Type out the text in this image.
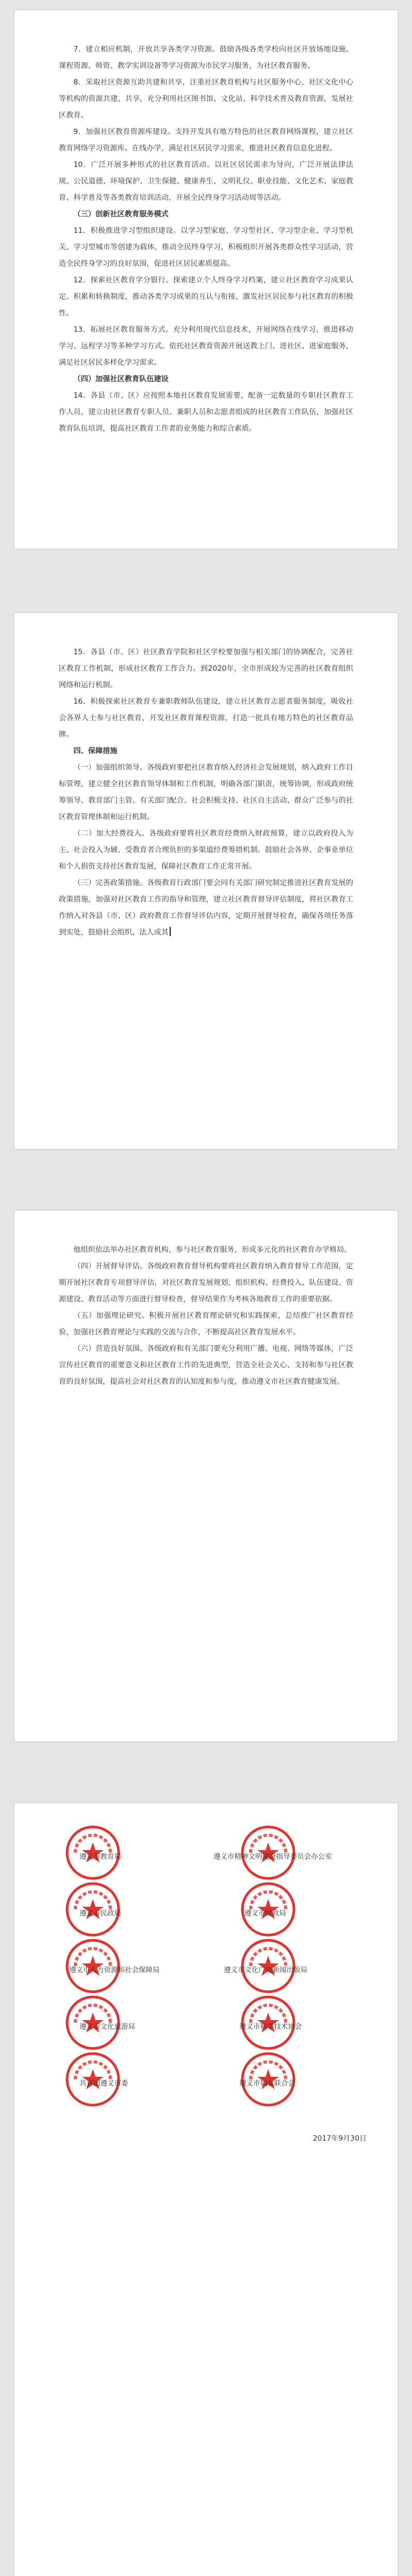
7．建立相应机制，开放共享各类学习资源。鼓励各级各类学校向社区开放场地设施、课程资源、师资、教学实训设备等学习资源为市民学习服务，为社区教育服务。

8．采取社区资源互助共建和共享，注重社区教育机构与社区服务中心、社区文化中心等机构的资源共建、共享，充分利用社区图书馆、文化站、科学技术普及教育资源，发展社区教育。

9．加强社区教育资源库建设。支持开发具有地方特色的社区教育网络课程，建立社区教育网络学习资源库。在线办学，满足社区居民学习需求，推进社区教育信息化进程。

10．广泛开展多种形式的社区教育活动。以社区居民需求为导向，广泛开展法律法规、公民道德、环境保护、卫生保健、健康养生、文明礼仪、职业技能、文化艺术、家庭教育、科学普及等各类教育培训活动，开展全民终身学习活动周等活动。

（三）创新社区教育服务模式

11．积极推进学习型组织建设。以学习型家庭、学习型社区、学习型企业、学习型机关、学习型城市等创建为载体，推动全民终身学习，积极组织开展各类群众性学习活动，营造全民终身学习的良好氛围，促进社区居民素质提高。

12．探索社区教育学分银行。探索建立个人终身学习档案，建立社区教育学习成果认定、积累和转换制度，推动各类学习成果的互认与衔接，激发社区居民参与社区教育的积极性。

13．拓展社区教育服务方式。充分利用现代信息技术，开展网络在线学习，推进移动学习、远程学习等多种学习方式。依托社区教育资源开展送教上门、进社区、进家庭服务，满足社区居民多样化学习需求。

（四）加强社区教育队伍建设

14．各县（市、区）应按照本地社区教育发展需要，配备一定数量的专职社区教育工作人员，建立由社区教育专职人员、兼职人员和志愿者组成的社区教育工作队伍，加强社区教育队伍培训，提高社区教育工作者的业务能力和综合素质。

15．各县（市、区）社区教育学院和社区学校要加强与相关部门的协调配合，完善社区教育工作机制，形成社区教育工作合力。到2020年，全市形成较为完善的社区教育组织网络和运行机制。

16．积极探索社区教育专兼职教师队伍建设，建立社区教育志愿者服务制度，吸收社会各界人士参与社区教育，开发社区教育课程资源，打造一批具有地方特色的社区教育品牌。

四、保障措施

（一）加强组织领导。各级政府要把社区教育纳入经济社会发展规划，纳入政府工作目标管理，建立健全社区教育领导体制和工作机制，明确各部门职责，统筹协调，形成政府统筹领导、教育部门主管、有关部门配合、社会积极支持、社区自主活动、群众广泛参与的社区教育管理体制和运行机制。

（二）加大经费投入。各级政府要将社区教育经费纳入财政预算，建立以政府投入为主、社会投入为辅、受教育者合理负担的多渠道经费筹措机制。鼓励社会各界、企事业单位和个人捐资支持社区教育发展，保障社区教育工作正常开展。

（三）完善政策措施。各级教育行政部门要会同有关部门研究制定推进社区教育发展的政策措施，加强对社区教育工作的指导和管理，建立社区教育督导评估制度，将社区教育工作纳入对各县（市、区）政府教育工作督导评估内容，定期开展督导检查，确保各项任务落到实处，鼓励社会组织、法人或其

他组织依法举办社区教育机构，参与社区教育服务，形成多元化的社区教育办学格局。

（四）开展督导评估。各级政府教育督导机构要将社区教育纳入教育督导工作范围，定期开展社区教育专项督导评估，对社区教育发展规划、组织机构、经费投入、队伍建设、资源建设、教育活动等方面进行督导检查，督导结果作为考核各地教育工作的重要依据。

（五）加强理论研究。积极开展社区教育理论研究和实践探索，总结推广社区教育经验，加强社区教育理论与实践的交流与合作，不断提高社区教育发展水平。

（六）营造良好氛围。各级政府和有关部门要充分利用广播、电视、网络等媒体，广泛宣传社区教育的重要意义和社区教育工作的先进典型，营造全社会关心、支持和参与社区教育的良好氛围，提高社会对社区教育的认知度和参与度，推动遵义市社区教育健康发展。

遵义市教育局	遵义市精神文明建设指导委员会办公室
遵义市民政局	遵义市财政局
遵义市人力资源和社会保障局	遵义市文化广电新闻出版局
遵义市文化旅游局	遵义市科学技术协会
共青团遵义市委	遵义市妇女联合会
2017年9月30日
